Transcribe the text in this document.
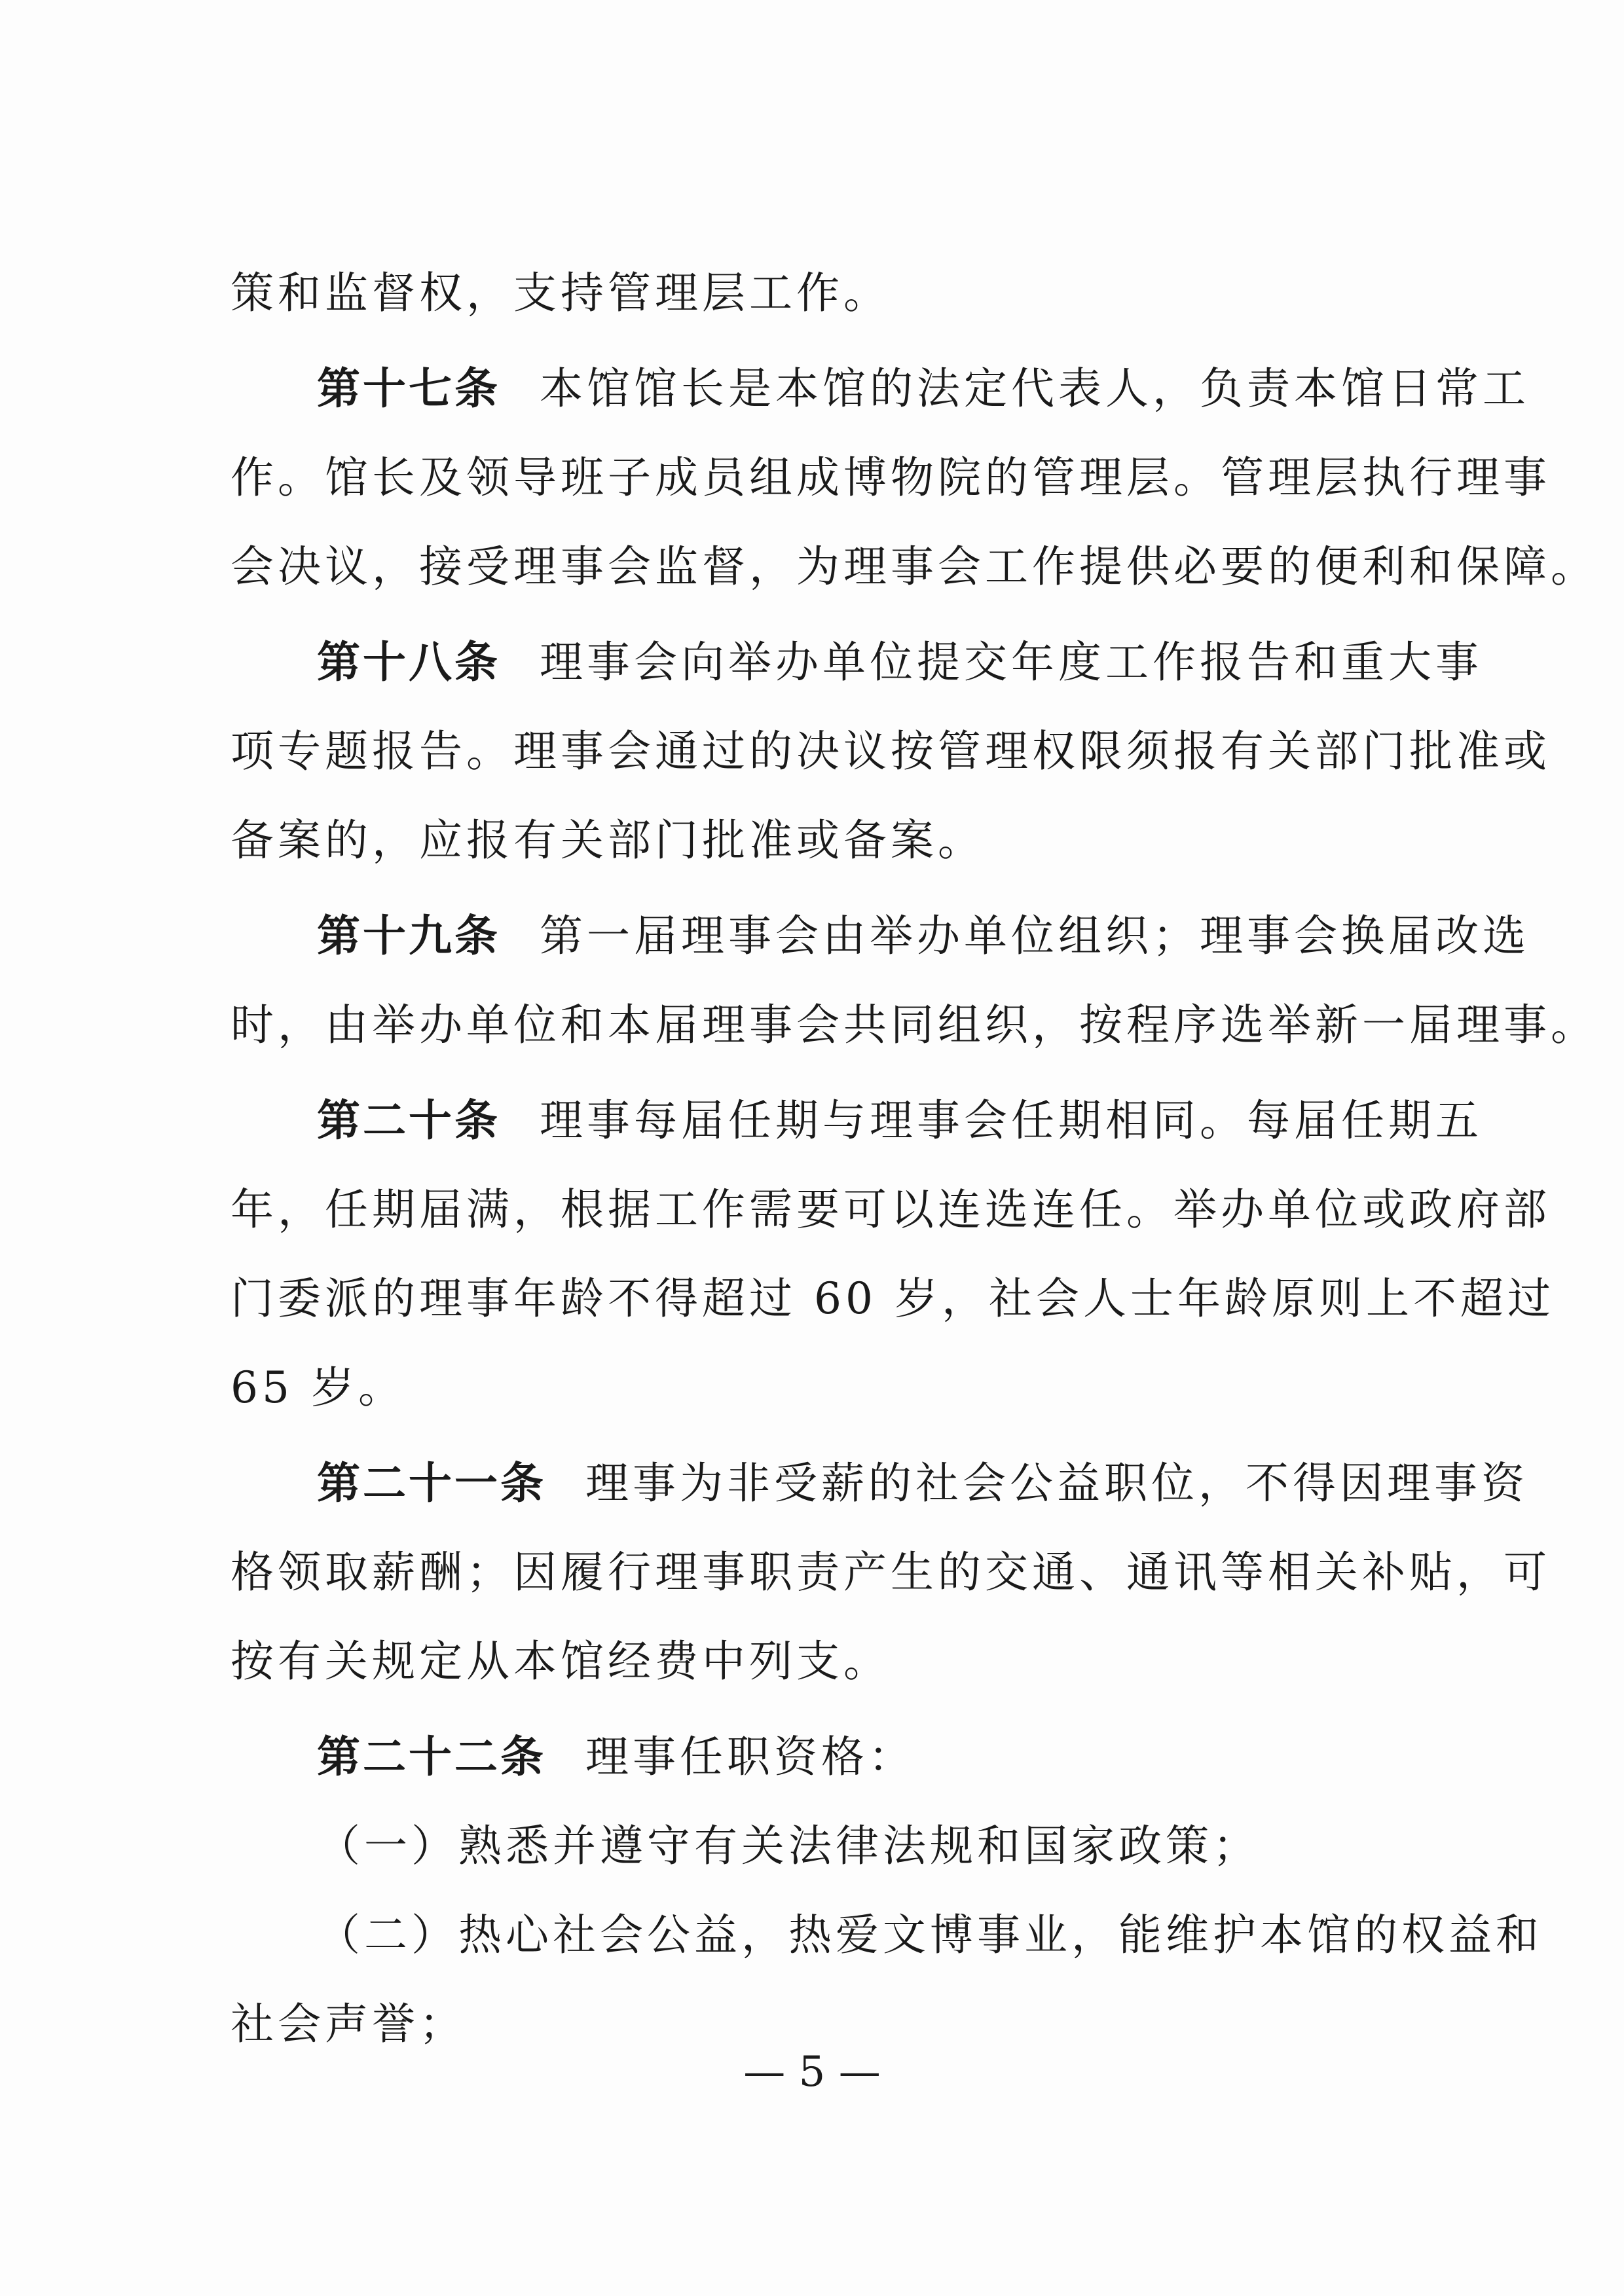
策和监督权，支持管理层工作。
第十七条 本馆馆长是本馆的法定代表人，负责本馆日常工
作。馆长及领导班子成员组成博物院的管理层。管理层执行理事
会决议，接受理事会监督，为理事会工作提供必要的便利和保障。
第十八条 理事会向举办单位提交年度工作报告和重大事
项专题报告。理事会通过的决议按管理权限须报有关部门批准或
备案的，应报有关部门批准或备案。
第十九条 第一届理事会由举办单位组织；理事会换届改选
时，由举办单位和本届理事会共同组织，按程序选举新一届理事。
第二十条 理事每届任期与理事会任期相同。每届任期五
年，任期届满，根据工作需要可以连选连任。举办单位或政府部
门委派的理事年龄不得超过 60 岁，社会人士年龄原则上不超过
65 岁。
第二十一条 理事为非受薪的社会公益职位，不得因理事资
格领取薪酬；因履行理事职责产生的交通、通讯等相关补贴，可
按有关规定从本馆经费中列支。
第二十二条 理事任职资格：
（一）熟悉并遵守有关法律法规和国家政策；
（二）热心社会公益，热爱文博事业，能维护本馆的权益和
社会声誉；
— 5 —
